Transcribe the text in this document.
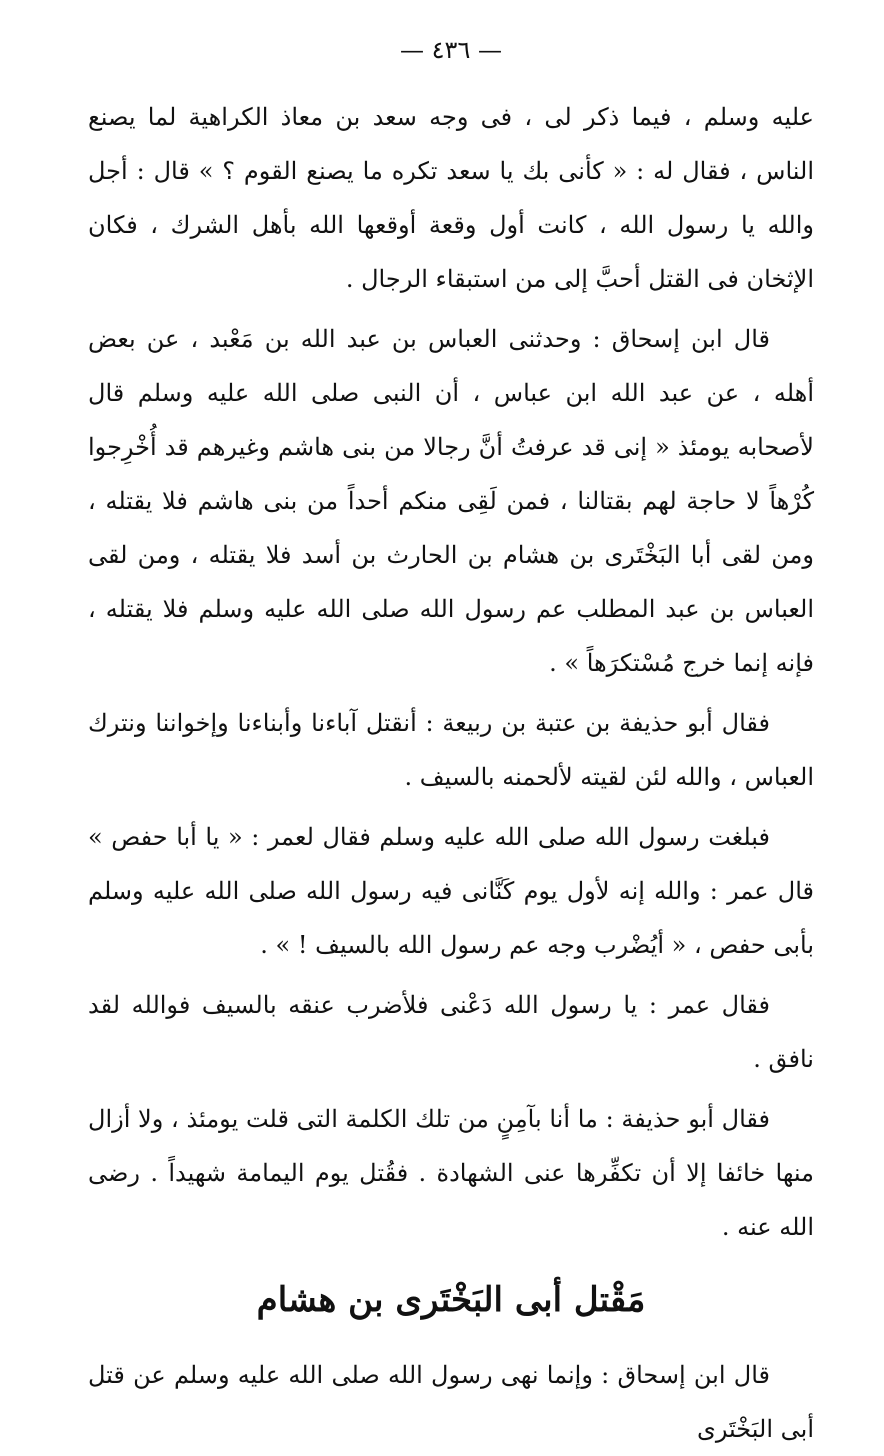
— ٤٣٦ —

عليه وسلم ، فيما ذكر لى ، فى وجه سعد بن معاذ الكراهية لما يصنع الناس ، فقال له : « كأنى بك يا سعد تكره ما يصنع القوم ؟ » قال : أجل والله يا رسول الله ، كانت أول وقعة أوقعها الله بأهل الشرك ، فكان الإثخان فى القتل أحبَّ إلى من استبقاء الرجال .

قال ابن إسحاق : وحدثنى العباس بن عبد الله بن مَعْبد ، عن بعض أهله ، عن عبد الله ابن عباس ، أن النبى صلى الله عليه وسلم قال لأصحابه يومئذ « إنى قد عرفتُ أنَّ رجالا من بنى هاشم وغيرهم قد أُخْرِجوا كُرْهاً لا حاجة لهم بقتالنا ، فمن لَقِى منكم أحداً من بنى هاشم فلا يقتله ، ومن لقى أبا البَخْتَرى بن هشام بن الحارث بن أسد فلا يقتله ، ومن لقى العباس بن عبد المطلب عم رسول الله صلى الله عليه وسلم فلا يقتله ، فإنه إنما خرج مُسْتكرَهاً » .

فقال أبو حذيفة بن عتبة بن ربيعة : أنقتل آباءنا وأبناءنا وإخواننا ونترك العباس ، والله لئن لقيته لألحمنه بالسيف .

فبلغت رسول الله صلى الله عليه وسلم فقال لعمر : « يا أبا حفص » قال عمر : والله إنه لأول يوم كَنَّانى فيه رسول الله صلى الله عليه وسلم بأبى حفص ، « أيُضْرب وجه عم رسول الله بالسيف ! » .

فقال عمر : يا رسول الله دَعْنى فلأضرب عنقه بالسيف فوالله لقد نافق .

فقال أبو حذيفة : ما أنا بآمِنٍ من تلك الكلمة التى قلت يومئذ ، ولا أزال منها خائفا إلا أن تكفِّرها عنى الشهادة . فقُتل يوم اليمامة شهيداً . رضى الله عنه .

مَقْتل أبى البَخْتَرى بن هشام

قال ابن إسحاق : وإنما نهى رسول الله صلى الله عليه وسلم عن قتل أبى البَخْتَرى
